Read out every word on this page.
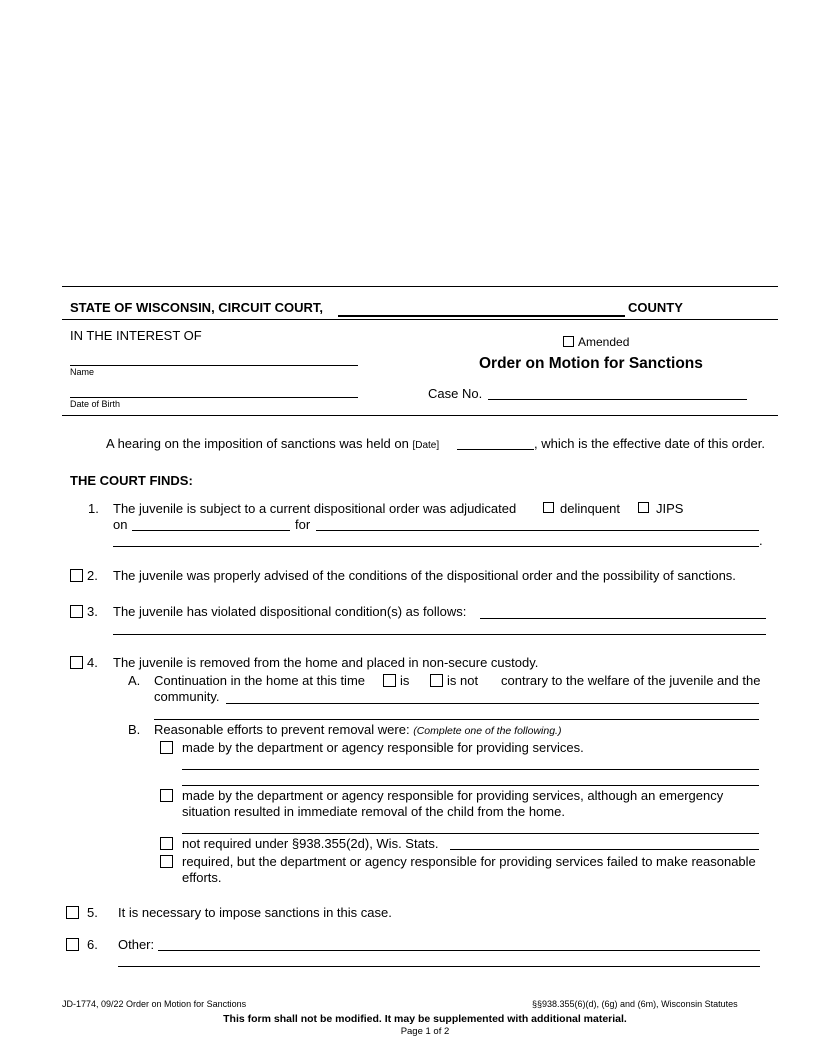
STATE OF WISCONSIN, CIRCUIT COURT,	COUNTY
IN THE INTEREST OF
Name
Date of Birth
Amended
Order on Motion for Sanctions
Case No.
A hearing on the imposition of sanctions was held on [Date]	, which is the effective date of this order.
THE COURT FINDS:
1. The juvenile is subject to a current dispositional order was adjudicated	delinquent	JIPS
on	for
.
2. The juvenile was properly advised of the conditions of the dispositional order and the possibility of sanctions.
3. The juvenile has violated dispositional condition(s) as follows:
4. The juvenile is removed from the home and placed in non-secure custody.
A. Continuation in the home at this time	is	is not contrary to the welfare of the juvenile and the
community.
B. Reasonable efforts to prevent removal were: (Complete one of the following.)
made by the department or agency responsible for providing services.
made by the department or agency responsible for providing services, although an emergency
situation resulted in immediate removal of the child from the home.
not required under §938.355(2d), Wis. Stats.
required, but the department or agency responsible for providing services failed to make reasonable
efforts.
5. It is necessary to impose sanctions in this case.
6. Other:
JD-1774, 09/22 Order on Motion for Sanctions	§§938.355(6)(d), (6g) and (6m), Wisconsin Statutes
This form shall not be modified. It may be supplemented with additional material.
Page 1 of 2
